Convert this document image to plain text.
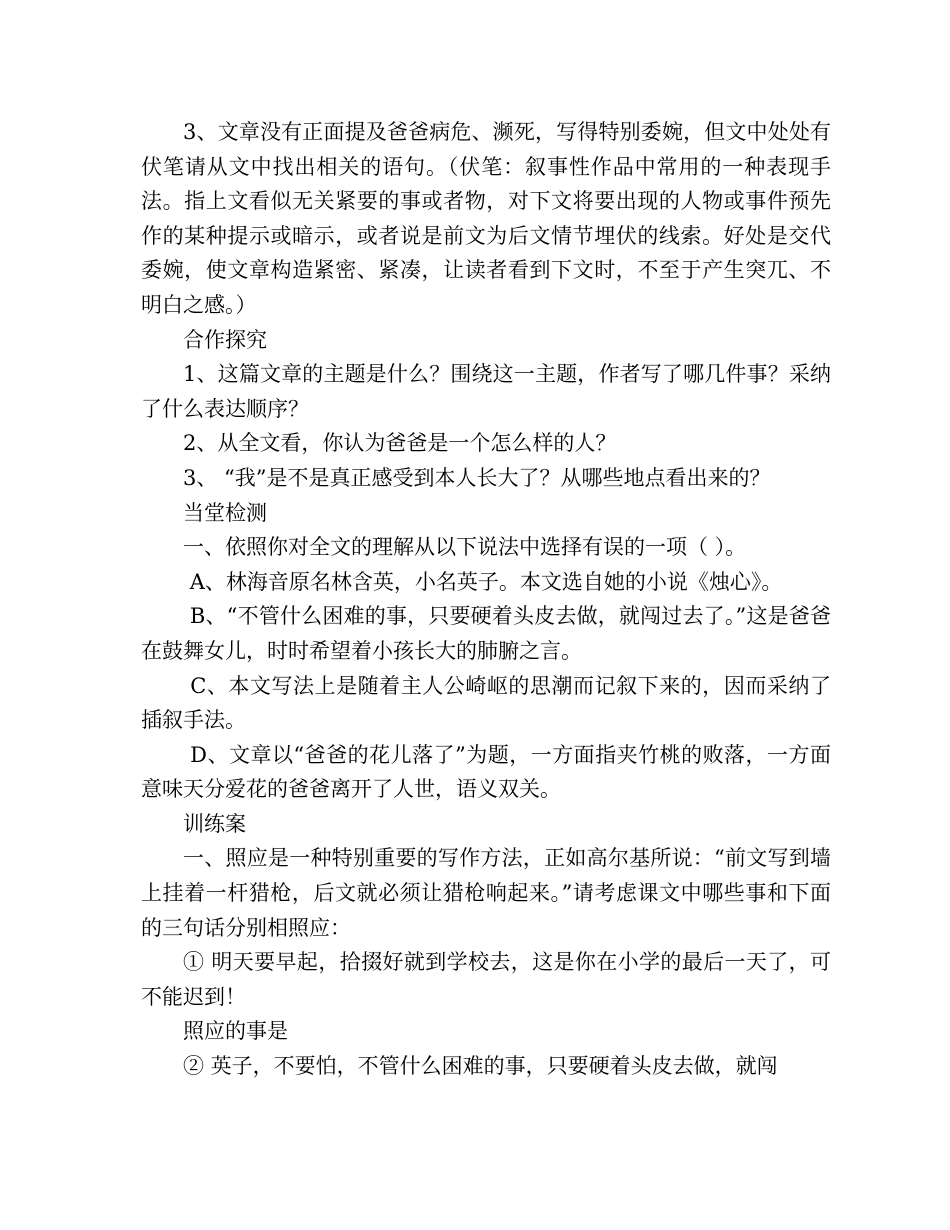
3、文章没有正面提及爸爸病危、濒死，写得特别委婉，但文中处处有伏笔请从文中找出相关的语句。（伏笔：叙事性作品中常用的一种表现手法。指上文看似无关紧要的事或者物，对下文将要出现的人物或事件预先作的某种提示或暗示，或者说是前文为后文情节埋伏的线索。好处是交代委婉，使文章构造紧密、紧凑，让读者看到下文时，不至于产生突兀、不明白之感。）

合作探究

1、这篇文章的主题是什么？围绕这一主题，作者写了哪几件事？采纳了什么表达顺序？

2、从全文看，你认为爸爸是一个怎么样的人？

3、 “我”是不是真正感受到本人长大了？从哪些地点看出来的？

当堂检测

一、依照你对全文的理解从以下说法中选择有误的一项（ ）。

A、林海音原名林含英，小名英子。本文选自她的小说《烛心》。

B、“不管什么困难的事，只要硬着头皮去做，就闯过去了。”这是爸爸在鼓舞女儿，时时希望着小孩长大的肺腑之言。

C、本文写法上是随着主人公崎岖的思潮而记叙下来的，因而采纳了插叙手法。

D、文章以“爸爸的花儿落了”为题，一方面指夹竹桃的败落，一方面意味天分爱花的爸爸离开了人世，语义双关。

训练案

一、照应是一种特别重要的写作方法，正如高尔基所说：“前文写到墙上挂着一杆猎枪，后文就必须让猎枪响起来。”请考虑课文中哪些事和下面的三句话分别相照应：

① 明天要早起，拾掇好就到学校去，这是你在小学的最后一天了，可不能迟到！

照应的事是

② 英子，不要怕，不管什么困难的事，只要硬着头皮去做，就闯
